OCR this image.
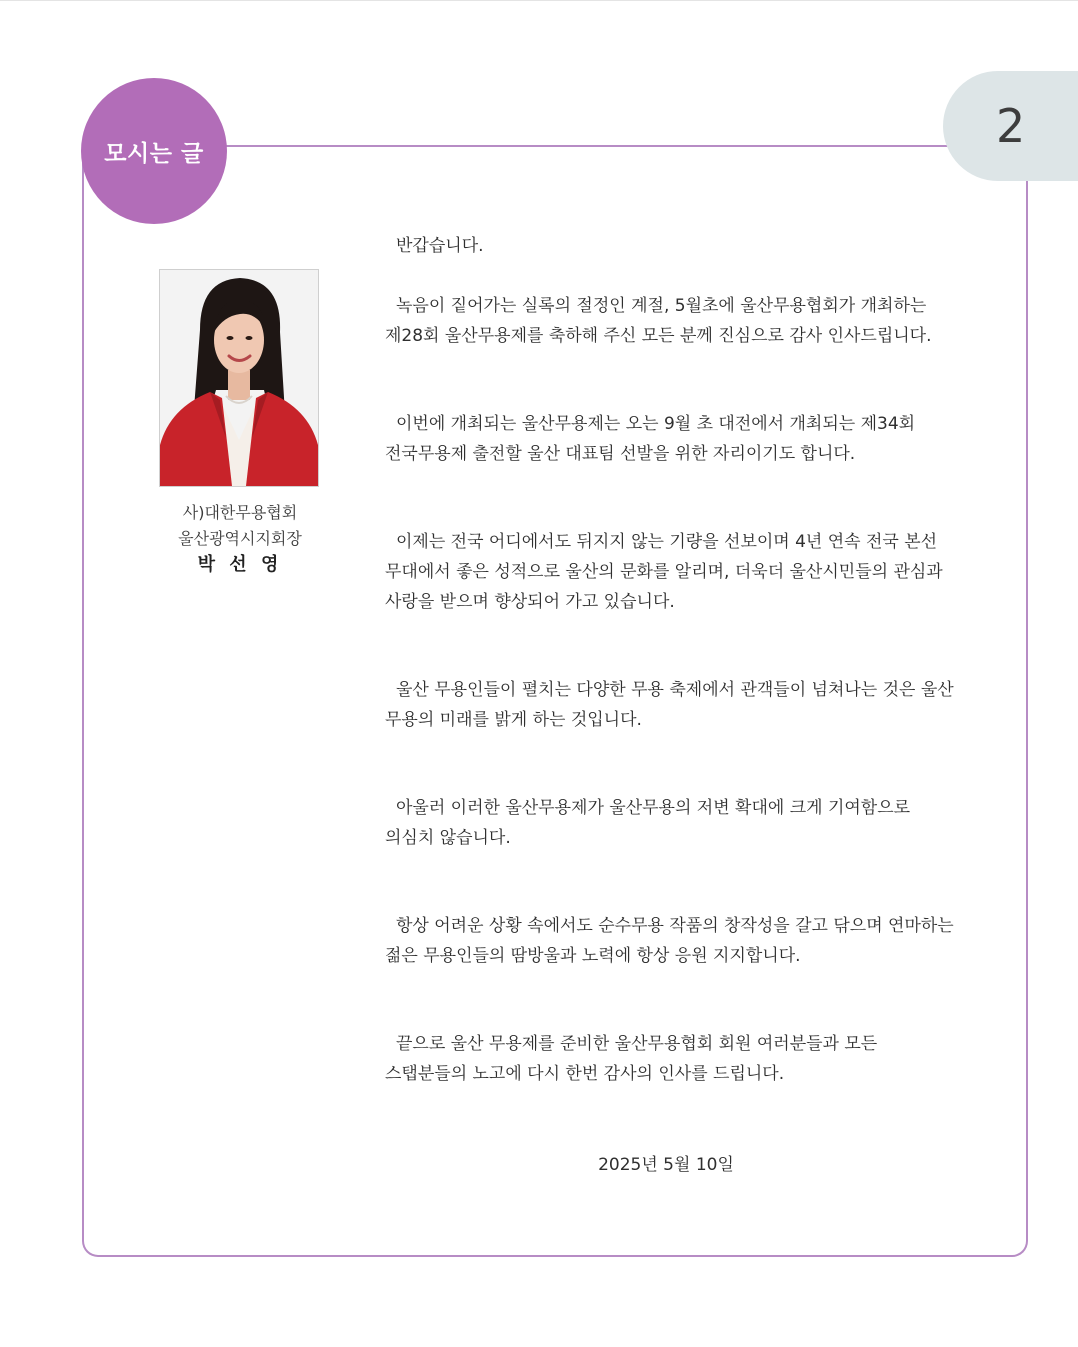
모시는 글
2
사)대한무용협회
울산광역시지회장
박 선 영

반갑습니다.

녹음이 짙어가는 실록의 절정인 계절, 5월초에 울산무용협회가 개최하는 제28회 울산무용제를 축하해 주신 모든 분께 진심으로 감사 인사드립니다.

이번에 개최되는 울산무용제는 오는 9월 초 대전에서 개최되는 제34회 전국무용제 출전할 울산 대표팀 선발을 위한 자리이기도 합니다.

이제는 전국 어디에서도 뒤지지 않는 기량을 선보이며 4년 연속 전국 본선 무대에서 좋은 성적으로 울산의 문화를 알리며, 더욱더 울산시민들의 관심과 사랑을 받으며 향상되어 가고 있습니다.

울산 무용인들이 펼치는 다양한 무용 축제에서 관객들이 넘쳐나는 것은 울산 무용의 미래를 밝게 하는 것입니다.

아울러 이러한 울산무용제가 울산무용의 저변 확대에 크게 기여함으로 의심치 않습니다.

항상 어려운 상황 속에서도 순수무용 작품의 창작성을 갈고 닦으며 연마하는 젊은 무용인들의 땀방울과 노력에 항상 응원 지지합니다.

끝으로 울산 무용제를 준비한 울산무용협회 회원 여러분들과 모든 스탭분들의 노고에 다시 한번 감사의 인사를 드립니다.

2025년 5월 10일
